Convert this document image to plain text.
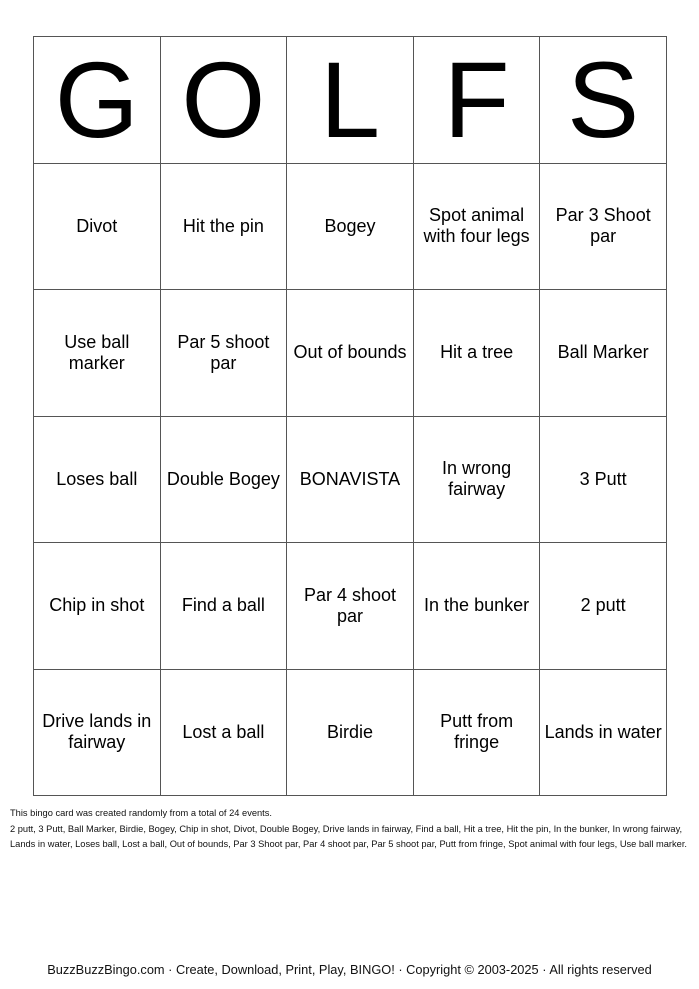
G	O	L	F	S
Divot	Hit the pin	Bogey	Spot animal with four legs	Par 3 Shoot par
Use ball marker	Par 5 shoot par	Out of bounds	Hit a tree	Ball Marker
Loses ball	Double Bogey	BONAVISTA	In wrong fairway	3 Putt
Chip in shot	Find a ball	Par 4 shoot par	In the bunker	2 putt
Drive lands in fairway	Lost a ball	Birdie	Putt from fringe	Lands in water
This bingo card was created randomly from a total of 24 events.
2 putt, 3 Putt, Ball Marker, Birdie, Bogey, Chip in shot, Divot, Double Bogey, Drive lands in fairway, Find a ball, Hit a tree, Hit the pin, In the bunker, In wrong fairway, Lands in water, Loses ball, Lost a ball, Out of bounds, Par 3 Shoot par, Par 4 shoot par, Par 5 shoot par, Putt from fringe, Spot animal with four legs, Use ball marker.
BuzzBuzzBingo.com · Create, Download, Print, Play, BINGO! · Copyright © 2003-2025 · All rights reserved
